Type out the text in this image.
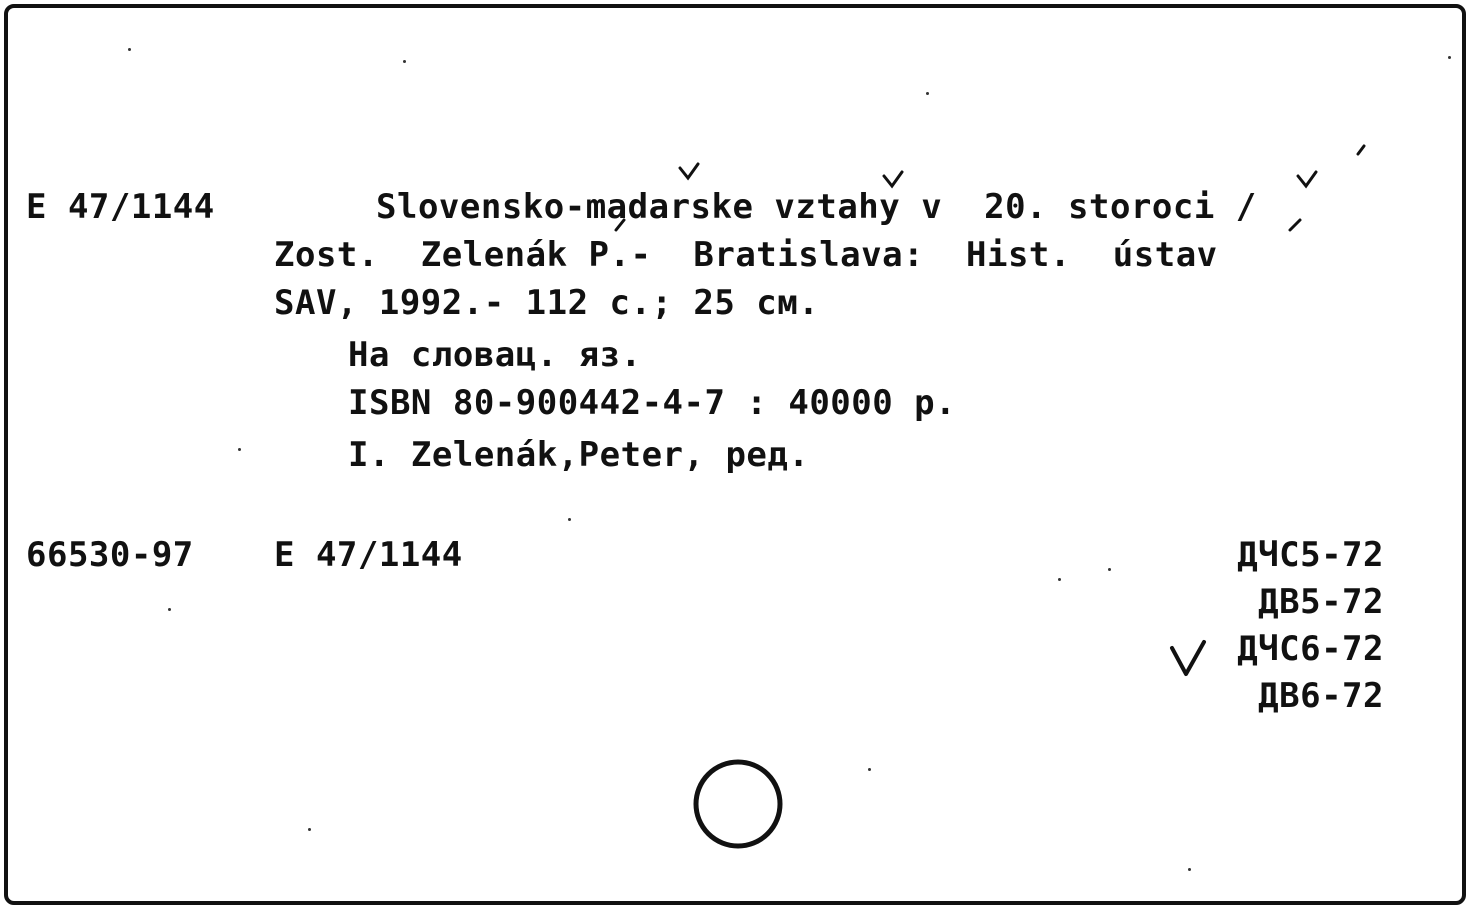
E 47/1144	Slovensko-madarske vztahy v  20. storoci /
Zost.  Zelenák P.-  Bratislava:  Hist.  ústav
SAV, 1992.- 112 с.; 25 см.
На словац. яз.
ISBN 80-900442-4-7 : 40000 р.
I. Zelenák,Peter, ред.
66530-97 E 47/1144	ДЧС5-72
ДВ5-72
ДЧС6-72
ДВ6-72
